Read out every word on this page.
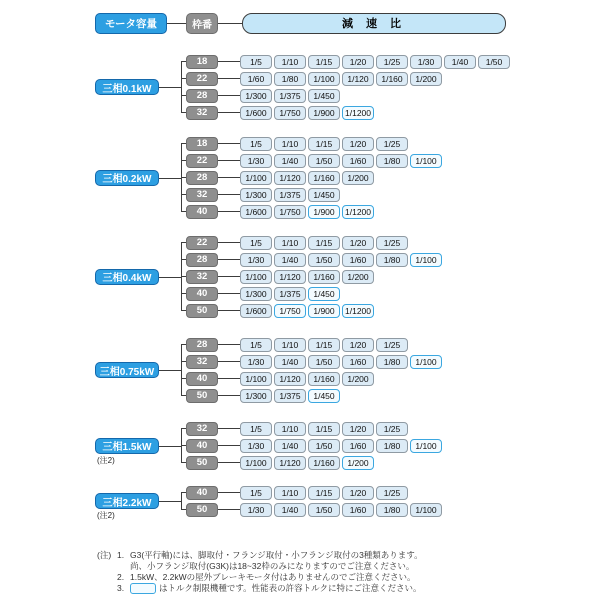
モータ容量	枠番	減 速 比
三相0.1kW
18	1/5	1/10	1/15	1/20	1/25	1/30	1/40	1/50
22	1/60	1/80	1/100	1/120	1/160	1/200
28	1/300	1/375	1/450
32	1/600	1/750	1/900	1/1200
三相0.2kW
18	1/5	1/10	1/15	1/20	1/25
22	1/30	1/40	1/50	1/60	1/80	1/100
28	1/100	1/120	1/160	1/200
32	1/300	1/375	1/450
40	1/600	1/750	1/900	1/1200
三相0.4kW
22	1/5	1/10	1/15	1/20	1/25
28	1/30	1/40	1/50	1/60	1/80	1/100
32	1/100	1/120	1/160	1/200
40	1/300	1/375	1/450
50	1/600	1/750	1/900	1/1200
三相0.75kW
28	1/5	1/10	1/15	1/20	1/25
32	1/30	1/40	1/50	1/60	1/80	1/100
40	1/100	1/120	1/160	1/200
50	1/300	1/375	1/450
三相1.5kW
(注2)
32	1/5	1/10	1/15	1/20	1/25
40	1/30	1/40	1/50	1/60	1/80	1/100
50	1/100	1/120	1/160	1/200
三相2.2kW
(注2)
40	1/5	1/10	1/15	1/20	1/25
50	1/30	1/40	1/50	1/60	1/80	1/100
(注) 1. G3(平行軸)には、脚取付・フランジ取付・小フランジ取付の3種類あります。
尚、小フランジ取付(G3K)は18~32枠のみになりますのでご注意ください。
2. 1.5kW、2.2kWの屋外ブレーキモータ付はありませんのでご注意ください。
3.	はトルク制限機種です。性能表の許容トルクに特にご注意ください。
